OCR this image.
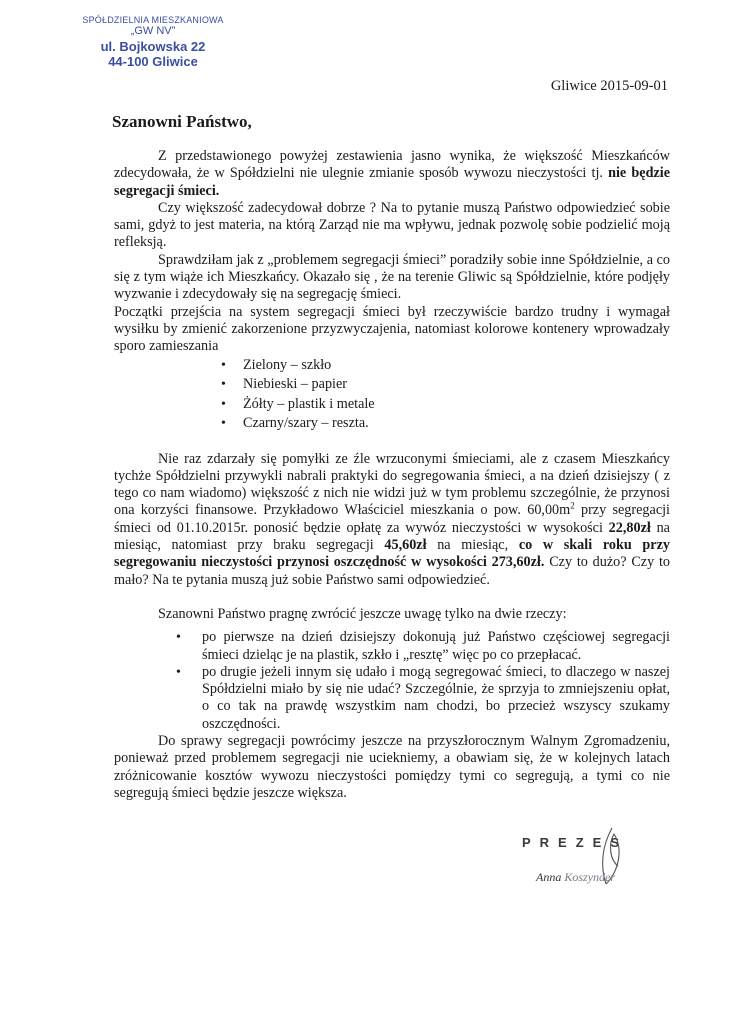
SPÓŁDZIELNIA MIESZKANIOWA
„GW NV”
ul. Bojkowska 22
44-100 Gliwice
Gliwice 2015-09-01
Szanowni Państwo,

Z przedstawionego powyżej zestawienia jasno wynika, że większość Mieszkańców zdecydowała, że w Spółdzielni nie ulegnie zmianie sposób wywozu nieczystości tj. nie będzie segregacji śmieci.

Czy większość zadecydował dobrze ? Na to pytanie muszą Państwo odpowiedzieć sobie sami, gdyż to jest materia, na którą Zarząd nie ma wpływu, jednak pozwolę sobie podzielić moją refleksją.

Sprawdziłam jak z „problemem segregacji śmieci” poradziły sobie inne Spółdzielnie, a co się z tym wiąże ich Mieszkańcy. Okazało się , że na terenie Gliwic są Spółdzielnie, które podjęły wyzwanie i zdecydowały się na segregację śmieci.

Początki przejścia na system segregacji śmieci był rzeczywiście bardzo trudny i wymagał wysiłku by zmienić zakorzenione przyzwyczajenia, natomiast kolorowe kontenery wprowadzały sporo zamieszania

• Zielony – szkło
• Niebieski – papier
• Żółty – plastik i metale
• Czarny/szary – reszta.

Nie raz zdarzały się pomyłki ze źle wrzuconymi śmieciami, ale z czasem Mieszkańcy tychże Spółdzielni przywykli nabrali praktyki do segregowania śmieci, a na dzień dzisiejszy ( z tego co nam wiadomo) większość z nich nie widzi już w tym problemu szczególnie, że przynosi ona korzyści finansowe. Przykładowo Właściciel mieszkania o pow. $60,00m^2$ przy segregacji śmieci od 01.10.2015r. ponosić będzie opłatę za wywóz nieczystości w wysokości 22,80zł na miesiąc, natomiast przy braku segregacji 45,60zł na miesiąc, co w skali roku przy segregowaniu nieczystości przynosi oszczędność w wysokości 273,60zł. Czy to dużo? Czy to mało? Na te pytania muszą już sobie Państwo sami odpowiedzieć.

Szanowni Państwo pragnę zwrócić jeszcze uwagę tylko na dwie rzeczy:

• po pierwsze na dzień dzisiejszy dokonują już Państwo częściowej segregacji śmieci dzieląc je na plastik, szkło i „resztę” więc po co przepłacać.
• po drugie jeżeli innym się udało i mogą segregować śmieci, to dlaczego w naszej Spółdzielni miało by się nie udać? Szczególnie, że sprzyja to zmniejszeniu opłat, o co tak na prawdę wszystkim nam chodzi, bo przecież wszyscy szukamy oszczędności.

Do sprawy segregacji powrócimy jeszcze na przyszłorocznym Walnym Zgromadzeniu, ponieważ przed problemem segregacji nie uciekniemy, a obawiam się, że w kolejnych latach zróżnicowanie kosztów wywozu nieczystości pomiędzy tymi co segregują, a tymi co nie segregują śmieci będzie jeszcze większa.

PREZES
Anna Koszynder
